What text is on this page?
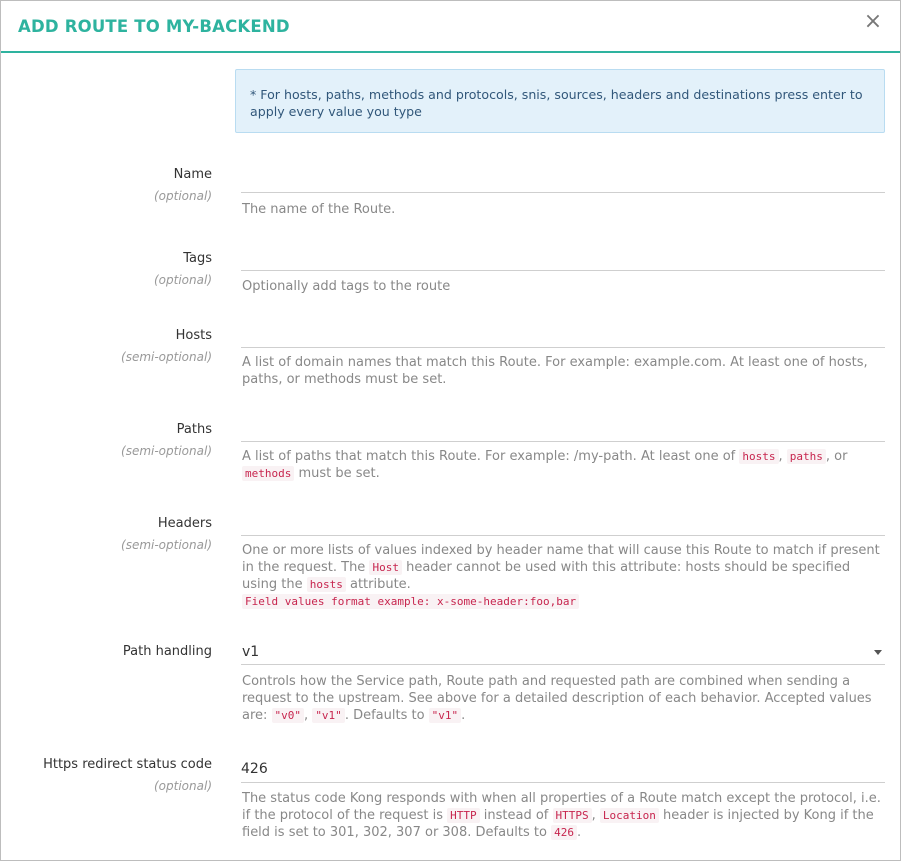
ADD ROUTE TO MY-BACKEND	×
* For hosts, paths, methods and protocols, snis, sources, headers and destinations press enter to apply every value you type
Name
(optional)
The name of the Route.
Tags
(optional) Optionally add tags to the route
Hosts
(semi-optional) A list of domain names that match this Route. For example: example.com. At least one of hosts, paths, or methods must be set.
Paths
(semi-optional) A list of paths that match this Route. For example: /my-path. At least one of hosts , paths , or methods must be set.
Headers
(semi-optional) One or more lists of values indexed by header name that will cause this Route to match if present in the request. The Host header cannot be used with this attribute: hosts should be specified using the hosts attribute.
Field values format example: x-some-header:foo,bar
Path handling v1
Controls how the Service path, Route path and requested path are combined when sending a request to the upstream. See above for a detailed description of each behavior. Accepted values are: "v0" , "v1" . Defaults to "v1" .
Https redirect status code
(optional)
426
The status code Kong responds with when all properties of a Route match except the protocol, i.e. if the protocol of the request is HTTP instead of HTTPS , Location header is injected by Kong if the field is set to 301, 302, 307 or 308. Defaults to 426 .
